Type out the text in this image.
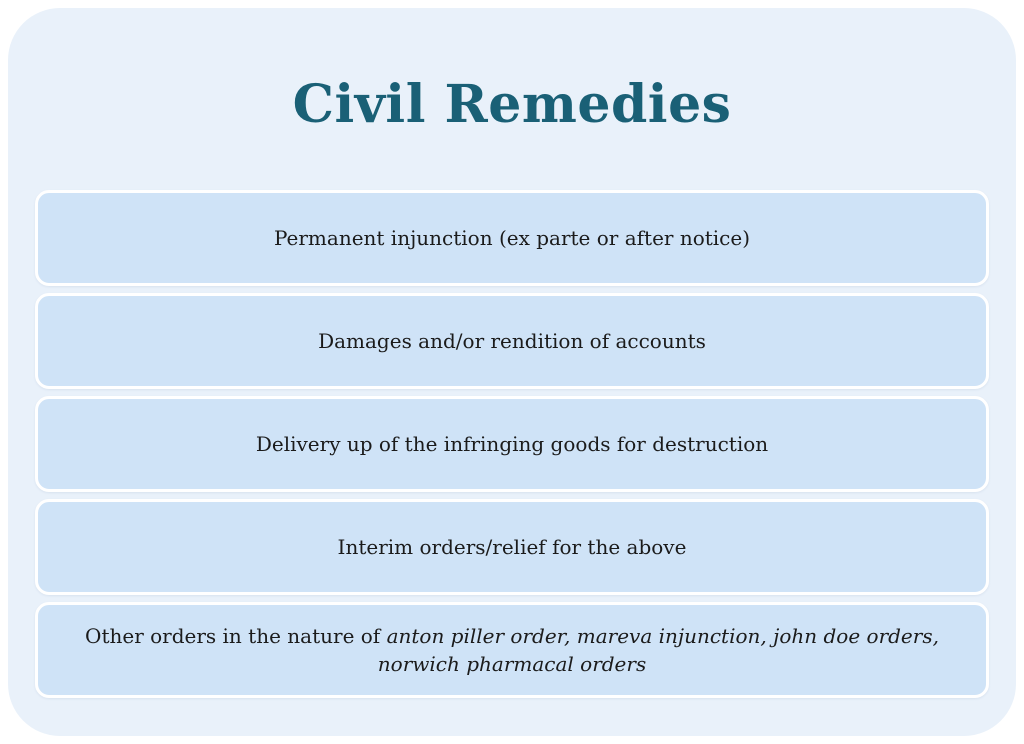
Civil Remedies
Permanent injunction (ex parte or after notice)
Damages and/or rendition of accounts
Delivery up of the infringing goods for destruction
Interim orders/relief for the above
Other orders in the nature of anton piller order, mareva injunction, john doe orders, norwich pharmacal orders
